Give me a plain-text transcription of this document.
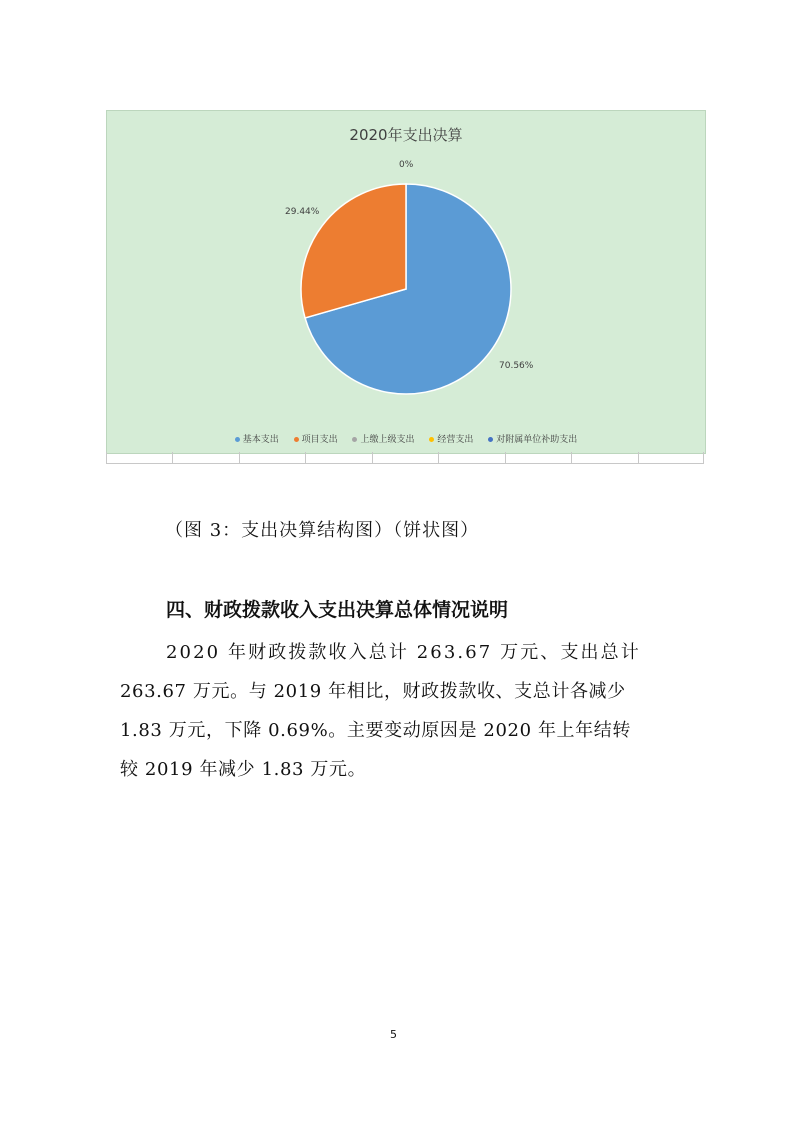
2020年支出决算
70.56%
29.44%
0%
基本支出	项目支出	上缴上级支出	经营支出	对附属单位补助支出
（图 3：支出决算结构图）（饼状图）
四、财政拨款收入支出决算总体情况说明
2020 年财政拨款收入总计 263.67 万元、支出总计
263.67 万元。与 2019 年相比，财政拨款收、支总计各减少
1.83 万元，下降 0.69%。主要变动原因是 2020 年上年结转
较 2019 年减少 1.83 万元。
5
